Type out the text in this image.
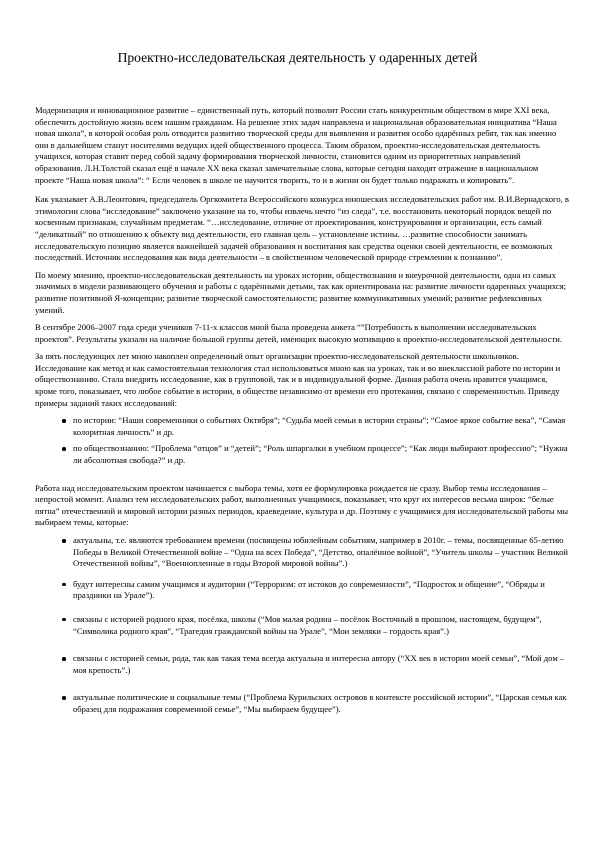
Проектно-исследовательская деятельность у одаренных детей

Модернизация и инновационное развитие – единственный путь, который позволит России стать конкурентным обществом в мире XXI века, обеспечить достойную жизнь всем нашим гражданам. На решение этих задач направлена и национальная образовательная инициатива “Наша новая школа”, в которой особая роль отводится развитию творческой среды для выявления и развития особо одарённых ребят, так как именно они в дальнейшем станут носителями ведущих идей общественного процесса. Таким образом, проектно-исследовательская деятельность учащихся, которая ставит перед собой задачу формирования творческой личности, становится одним из приоритетных направлений образования. Л.Н.Толстой сказал ещё в начале XX века сказал замечательные слова, которые сегодня находят отражение в национальном проекте “Наша новая школа”: “ Если человек в школе не научится творить, то и в жизни он будет только подражать и копировать”.

Как указывает А.В.Леонтович, председатель Оргкомитета Всероссийского конкурса юношеских исследовательских работ им. В.И.Вернадского, в этимологии слова “исследование” заключено указание на то, чтобы извлечь нечто “из следа”, т.е. восстановить некоторый порядок вещей по косвенным признакам, случайным предметам. “…исследование, отличие от проектирования, конструирования и организации, есть самый “деликатный” по отношению к объекту вид деятельности, его главная цель – установление истины. …развитие способности занимать исследовательскую позицию является важнейшей задачей образования и воспитания как средства оценки своей деятельности, ее возможных последствий. Источник исследования как вида деятельности – в свойственном человеческой природе стремлении к познанию”.

По моему мнению, проектно-исследовательская деятельность на уроках истории, обществознания и внеурочной деятельности, одна из самых значимых в модели развивающего обучения и работы с одарёнными детьми, так как ориентирована на: развитие личности одаренных учащихся; развитие позитивной Я-концепции; развитие творческой самостоятельности; развитие коммуникативных умений; развитие рефлексивных умений.

В сентябре 2006–2007 года среди учеников 7-11-х классов мной была проведена анкета “”Потребность в выполнении исследовательских проектов”. Результаты указали на наличие большой группы детей, имеющих высокую мотивацию к проектно-исследовательской деятельности.

За пять последующих лет мною накоплен определенный опыт организации проектно-исследовательской деятельности школьников. Исследование как метод и как самостоятельная технология стал использоваться мною как на уроках, так и во внеклассной работе по истории и обществознанию. Стала внедрять исследование, как в групповой, так и в индивидуальной форме. Данная работа очень нравится учащимся, кроме того, показывает, что любое событие в истории, в обществе независимо от времени его протекания, связано с современностью. Приведу примеры заданий таких исследований:

по истории: “Наши современники о событиях Октября”; “Судьба моей семьи в истории страны”; “Самое яркое событие века”, “Самая колоритная личность” и др.
по обществознанию: “Проблема “отцов” и “детей”; “Роль шпаргалки в учебном процессе”; “Как люди выбирают профессию”; “Нужна ли абсолютная свобода?” и др.

Работа над исследовательским проектом начинается с выбора темы, хотя ее формулировка рождается не сразу. Выбор темы исследования – непростой момент. Анализ тем исследовательских работ, выполненных учащимися, показывает, что круг их интересов весьма широк: “белые пятна” отечественной и мировой истории разных периодов, краеведение, культура и др. Поэтому с учащимися для исследовательской работы мы выбираем темы, которые:

актуальны, т.е. являются требованием времени (посвящены юбилейным событиям, например в 2010г. – темы, посвященные 65-летию Победы в Великой Отечественной войне – “Одна на всех Победа”, “Детство, опалённое войной”, “Учитель школы – участник Великой Отечественной войны”, “Военнопленные в годы Второй мировой войны”.)
будут интересны самим учащимся и аудитории (“Терроризм: от истоков до современности”, “Подросток и общение”, “Обряды и праздники на Урале”).
связаны с историей родного края, посёлка, школы (“Моя малая родина – посёлок Восточный в прошлом, настоящем, будущем”, “Символика родного края”, “Трагедия гражданской войны на Урале”, “Мои земляки – гордость края”.)
связаны с историей семьи, рода, так как такая тема всегда актуальна и интересна автору (“XX век в истории моей семьи”, “Мой дом – моя крепость”.)
актуальные политические и социальные темы (“Проблема Курильских островов в контексте российской истории”, “Царская семья как образец для подражания современной семье”, “Мы выбираем будущее”).
